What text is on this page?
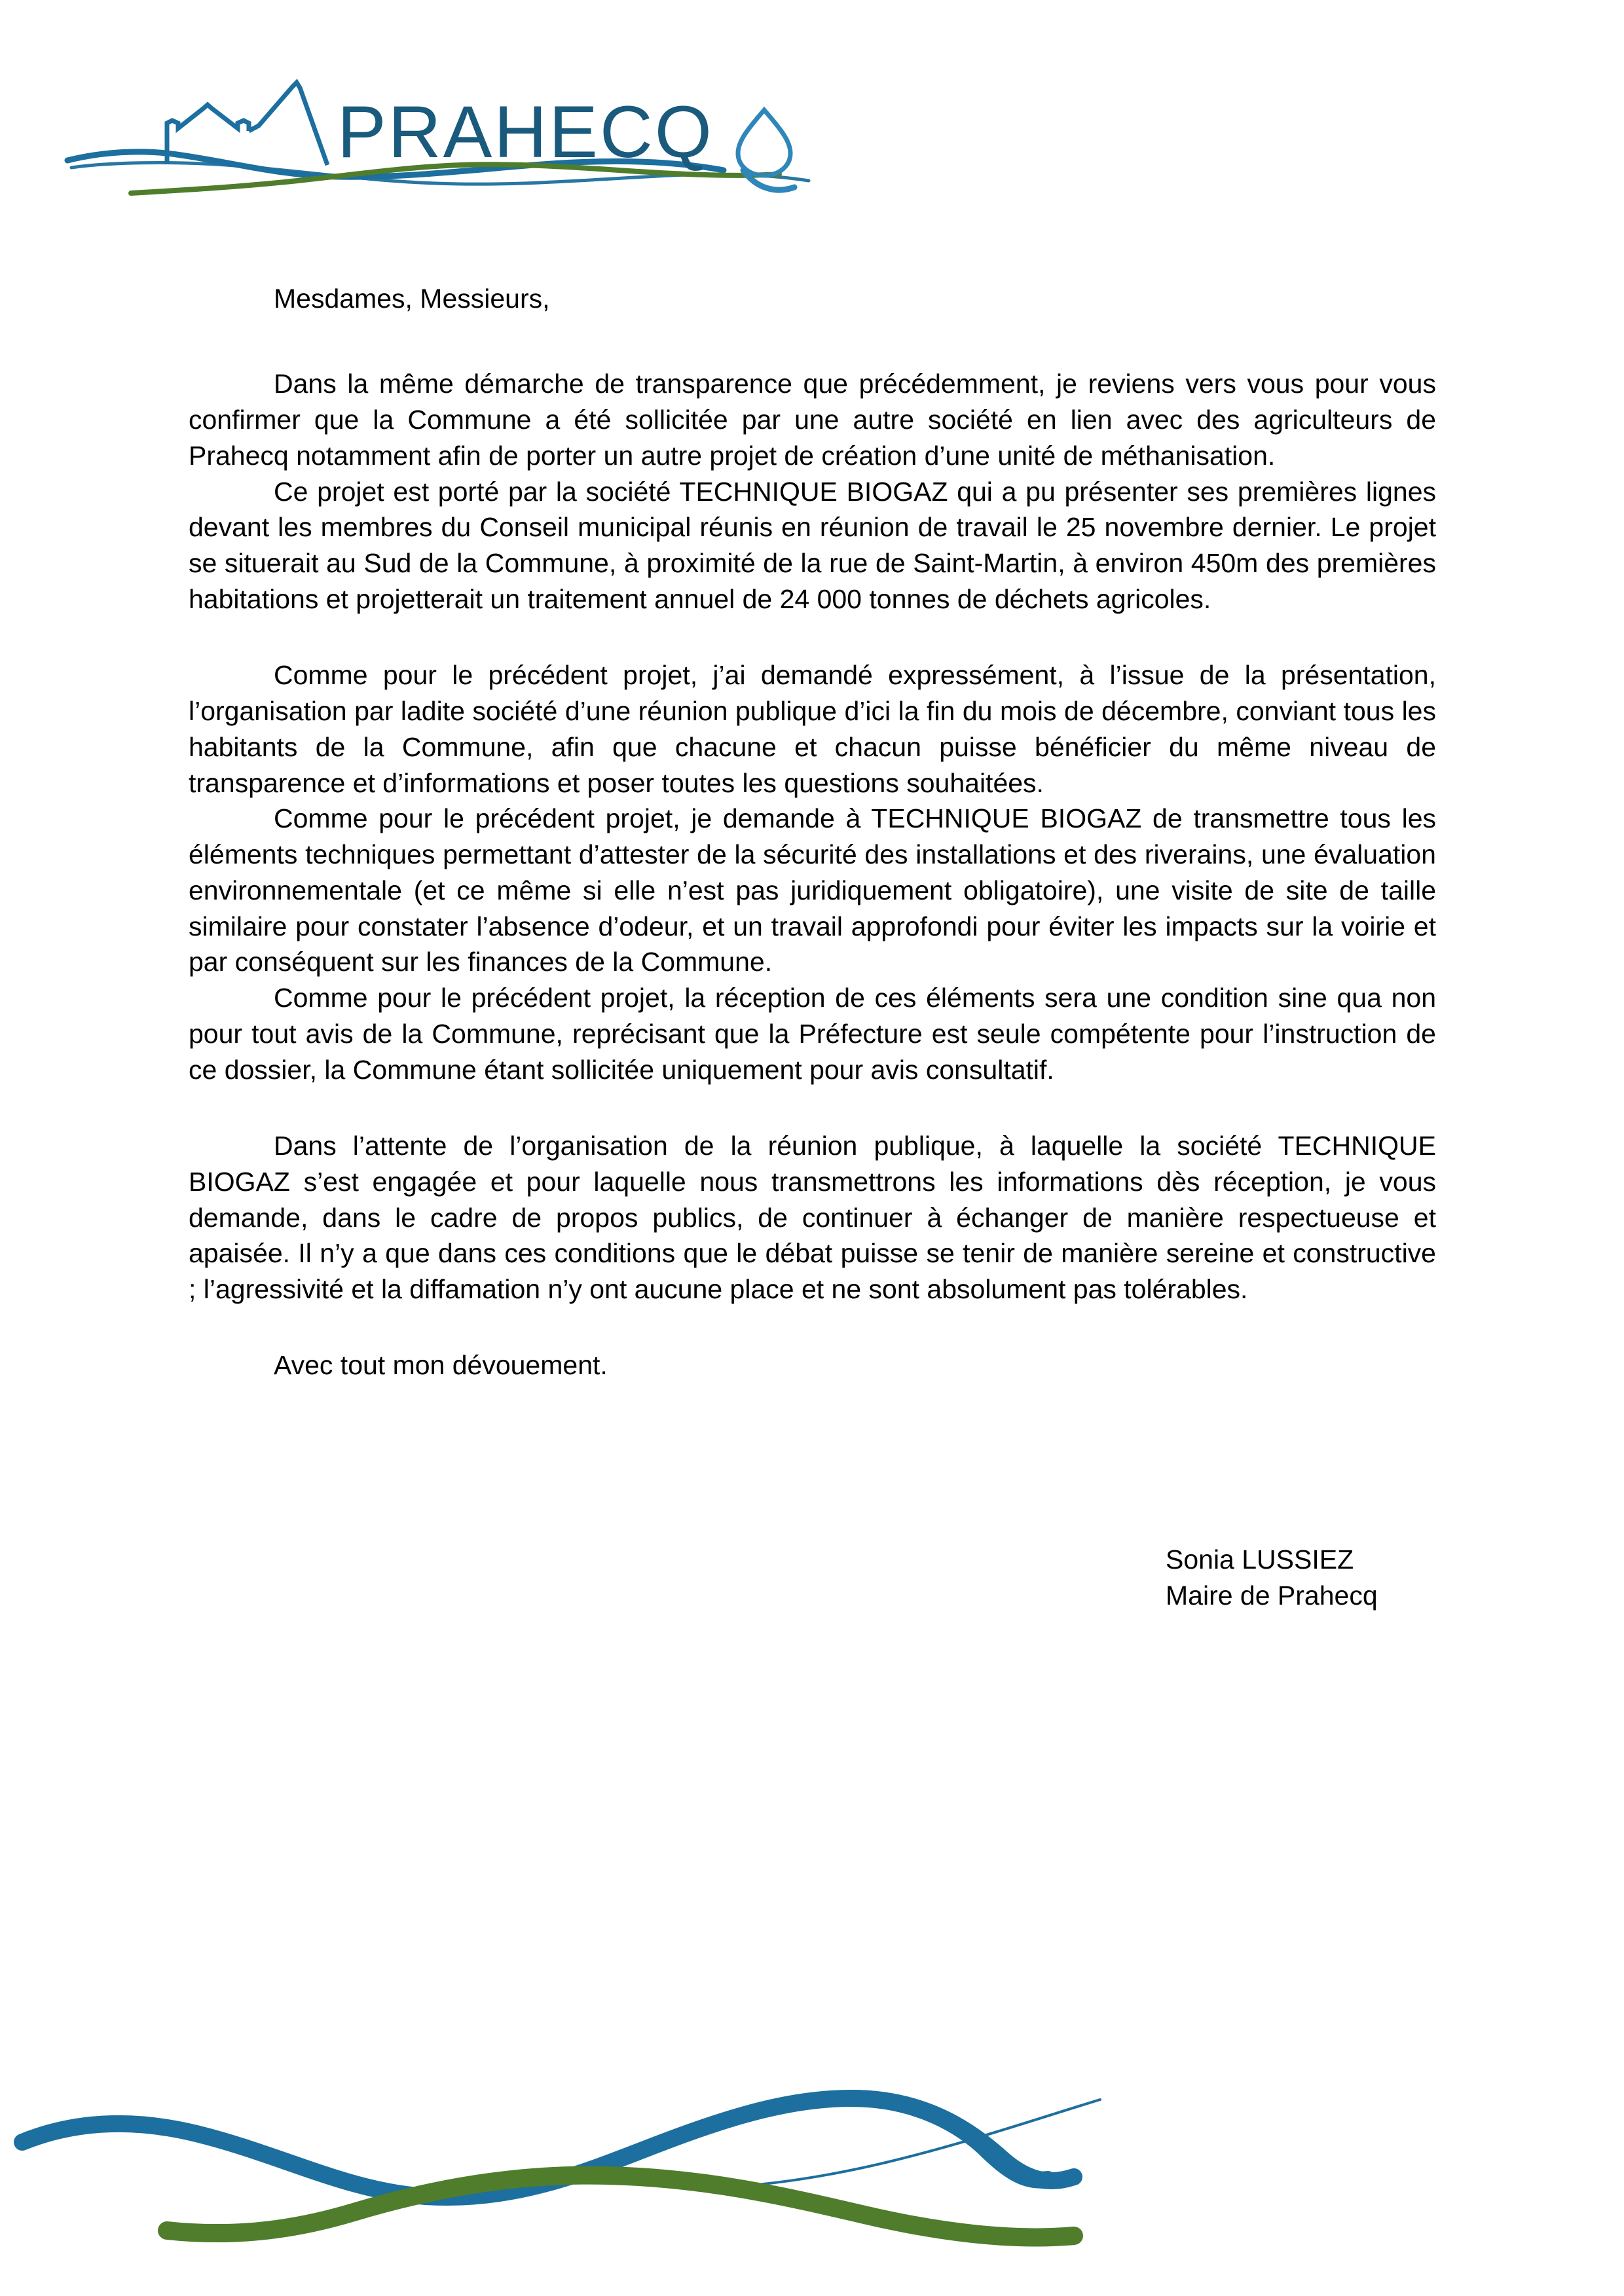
PRAHECQ

Mesdames, Messieurs,

Dans la même démarche de transparence que précédemment, je reviens vers vous pour vous confirmer que la Commune a été sollicitée par une autre société en lien avec des agriculteurs de Prahecq notamment afin de porter un autre projet de création d’une unité de méthanisation.

Ce projet est porté par la société TECHNIQUE BIOGAZ qui a pu présenter ses premières lignes devant les membres du Conseil municipal réunis en réunion de travail le 25 novembre dernier. Le projet se situerait au Sud de la Commune, à proximité de la rue de Saint-Martin, à environ 450m des premières habitations et projetterait un traitement annuel de 24 000 tonnes de déchets agricoles.

Comme pour le précédent projet, j’ai demandé expressément, à l’issue de la présentation, l’organisation par ladite société d’une réunion publique d’ici la fin du mois de décembre, conviant tous les habitants de la Commune, afin que chacune et chacun puisse bénéficier du même niveau de transparence et d’informations et poser toutes les questions souhaitées.

Comme pour le précédent projet, je demande à TECHNIQUE BIOGAZ de transmettre tous les éléments techniques permettant d’attester de la sécurité des installations et des riverains, une évaluation environnementale (et ce même si elle n’est pas juridiquement obligatoire), une visite de site de taille similaire pour constater l’absence d’odeur, et un travail approfondi pour éviter les impacts sur la voirie et par conséquent sur les finances de la Commune.

Comme pour le précédent projet, la réception de ces éléments sera une condition sine qua non pour tout avis de la Commune, reprécisant que la Préfecture est seule compétente pour l’instruction de ce dossier, la Commune étant sollicitée uniquement pour avis consultatif.

Dans l’attente de l’organisation de la réunion publique, à laquelle la société TECHNIQUE BIOGAZ s’est engagée et pour laquelle nous transmettrons les informations dès réception, je vous demande, dans le cadre de propos publics, de continuer à échanger de manière respectueuse et apaisée. Il n’y a que dans ces conditions que le débat puisse se tenir de manière sereine et constructive ; l’agressivité et la diffamation n’y ont aucune place et ne sont absolument pas tolérables.

Avec tout mon dévouement.

Sonia LUSSIEZ
Maire de Prahecq
